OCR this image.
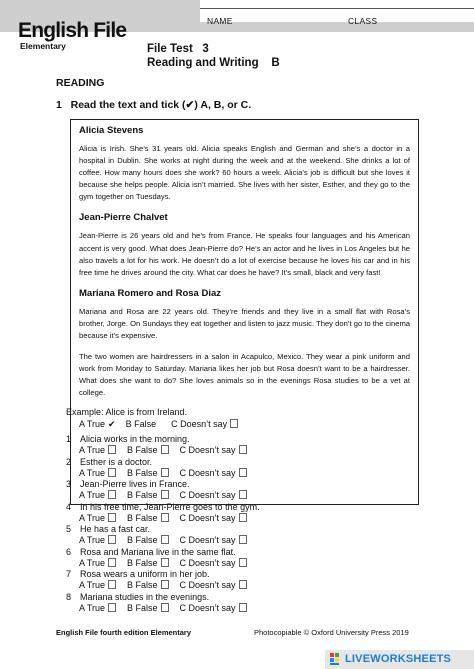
NAME	CLASS
English File
Elementary	File Test   3
Reading and Writing    B
READING
1 Read the text and tick (✔) A, B, or C.

Alicia Stevens

Alicia is Irish. She’s 31 years old. Alicia speaks English and German and she’s a doctor in a hospital in Dublin. She works at night during the week and at the weekend. She drinks a lot of coffee. How many hours does she work? 60 hours a week. Alicia’s job is difficult but she loves it because she helps people. Alicia isn’t married. She lives with her sister, Esther, and they go to the gym together on Tuesdays.

Jean-Pierre Chalvet

Jean-Pierre is 26 years old and he’s from France. He speaks four languages and his American accent is very good. What does Jean-Pierre do? He’s an actor and he lives in Los Angeles but he also travels a lot for his work. He doesn’t do a lot of exercise because he loves his car and in his free time he drives around the city. What car does he have? It’s small, black and very fast!

Mariana Romero and Rosa Diaz

Mariana and Rosa are 22 years old. They’re friends and they live in a small flat with Rosa’s brother, Jorge. On Sundays they eat together and listen to jazz music. They don’t go to the cinema because it’s expensive.

The two women are hairdressers in a salon in Acapulco, Mexico. They wear a pink uniform and work from Monday to Saturday. Mariana likes her job but Rosa doesn’t want to be a hairdresser. What does she want to do? She loves animals so in the evenings Rosa studies to be a vet at college.

Example: Alice is from Ireland.
A True ✔ B False C Doesn’t say
1 Alicia works in the morning.
A True B False C Doesn’t say
2 Esther is a doctor.
A True B False C Doesn’t say
3 Jean-Pierre lives in France.
A True B False C Doesn’t say
4 In his free time, Jean-Pierre goes to the gym.
A True B False C Doesn’t say
5 He has a fast car.
A True B False C Doesn’t say
6 Rosa and Mariana live in the same flat.
A True B False C Doesn’t say
7 Rosa wears a uniform in her job.
A True B False C Doesn’t say
8 Mariana studies in the evenings.
A True B False C Doesn’t say
English File fourth edition Elementary	Photocopiable © Oxford University Press 2019
LIVEWORKSHEETS
